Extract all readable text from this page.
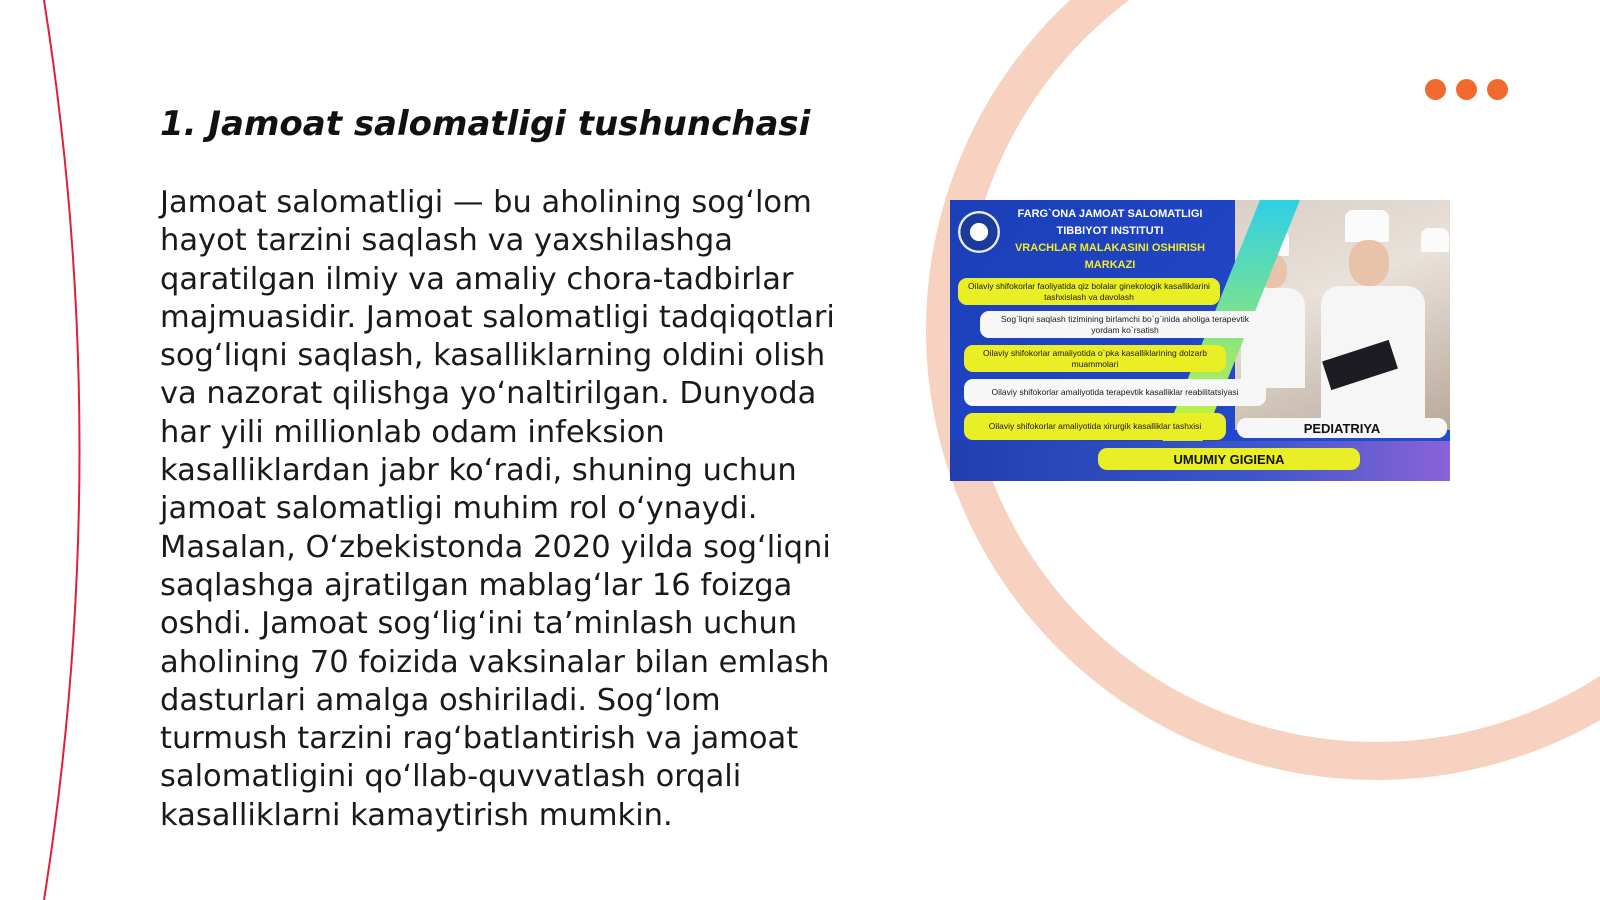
1. Jamoat salomatligi tushunchasi

Jamoat salomatligi — bu aholining sog‘lom hayot tarzini saqlash va yaxshilashga qaratilgan ilmiy va amaliy chora-tadbirlar majmuasidir. Jamoat salomatligi tadqiqotlari sog‘liqni saqlash, kasalliklarning oldini olish va nazorat qilishga yo‘naltirilgan. Dunyoda har yili millionlab odam infeksion kasalliklardan jabr ko‘radi, shuning uchun jamoat salomatligi muhim rol o‘ynaydi. Masalan, O‘zbekistonda 2020 yilda sog‘liqni saqlashga ajratilgan mablag‘lar 16 foizga oshdi. Jamoat sog‘lig‘ini ta’minlash uchun aholining 70 foizida vaksinalar bilan emlash dasturlari amalga oshiriladi. Sog‘lom turmush tarzini rag‘batlantirish va jamoat salomatligini qo‘llab-quvvatlash orqali kasalliklarni kamaytirish mumkin.

FARG`ONA JAMOAT SALOMATLIGI
TIBBIYOT INSTITUTI
VRACHLAR MALAKASINI OSHIRISH
MARKAZI
Oilaviy shifokorlar faoliyatida qiz bolalar ginekologik kasalliklarini tashxislash va davolash
Sog`liqni saqlash tizimining birlamchi bo`g`inida aholiga terapevtik yordam ko`rsatish
Oilaviy shifokorlar amaliyotida o`pka kasalliklarining dolzarb muammolari
Oilaviy shifokorlar amaliyotida terapevtik kasalliklar reabilitatsiyasi
Oilaviy shifokorlar amaliyotida xirurgik kasalliklar tashxisi	PEDIATRIYA
UMUMIY GIGIENA
